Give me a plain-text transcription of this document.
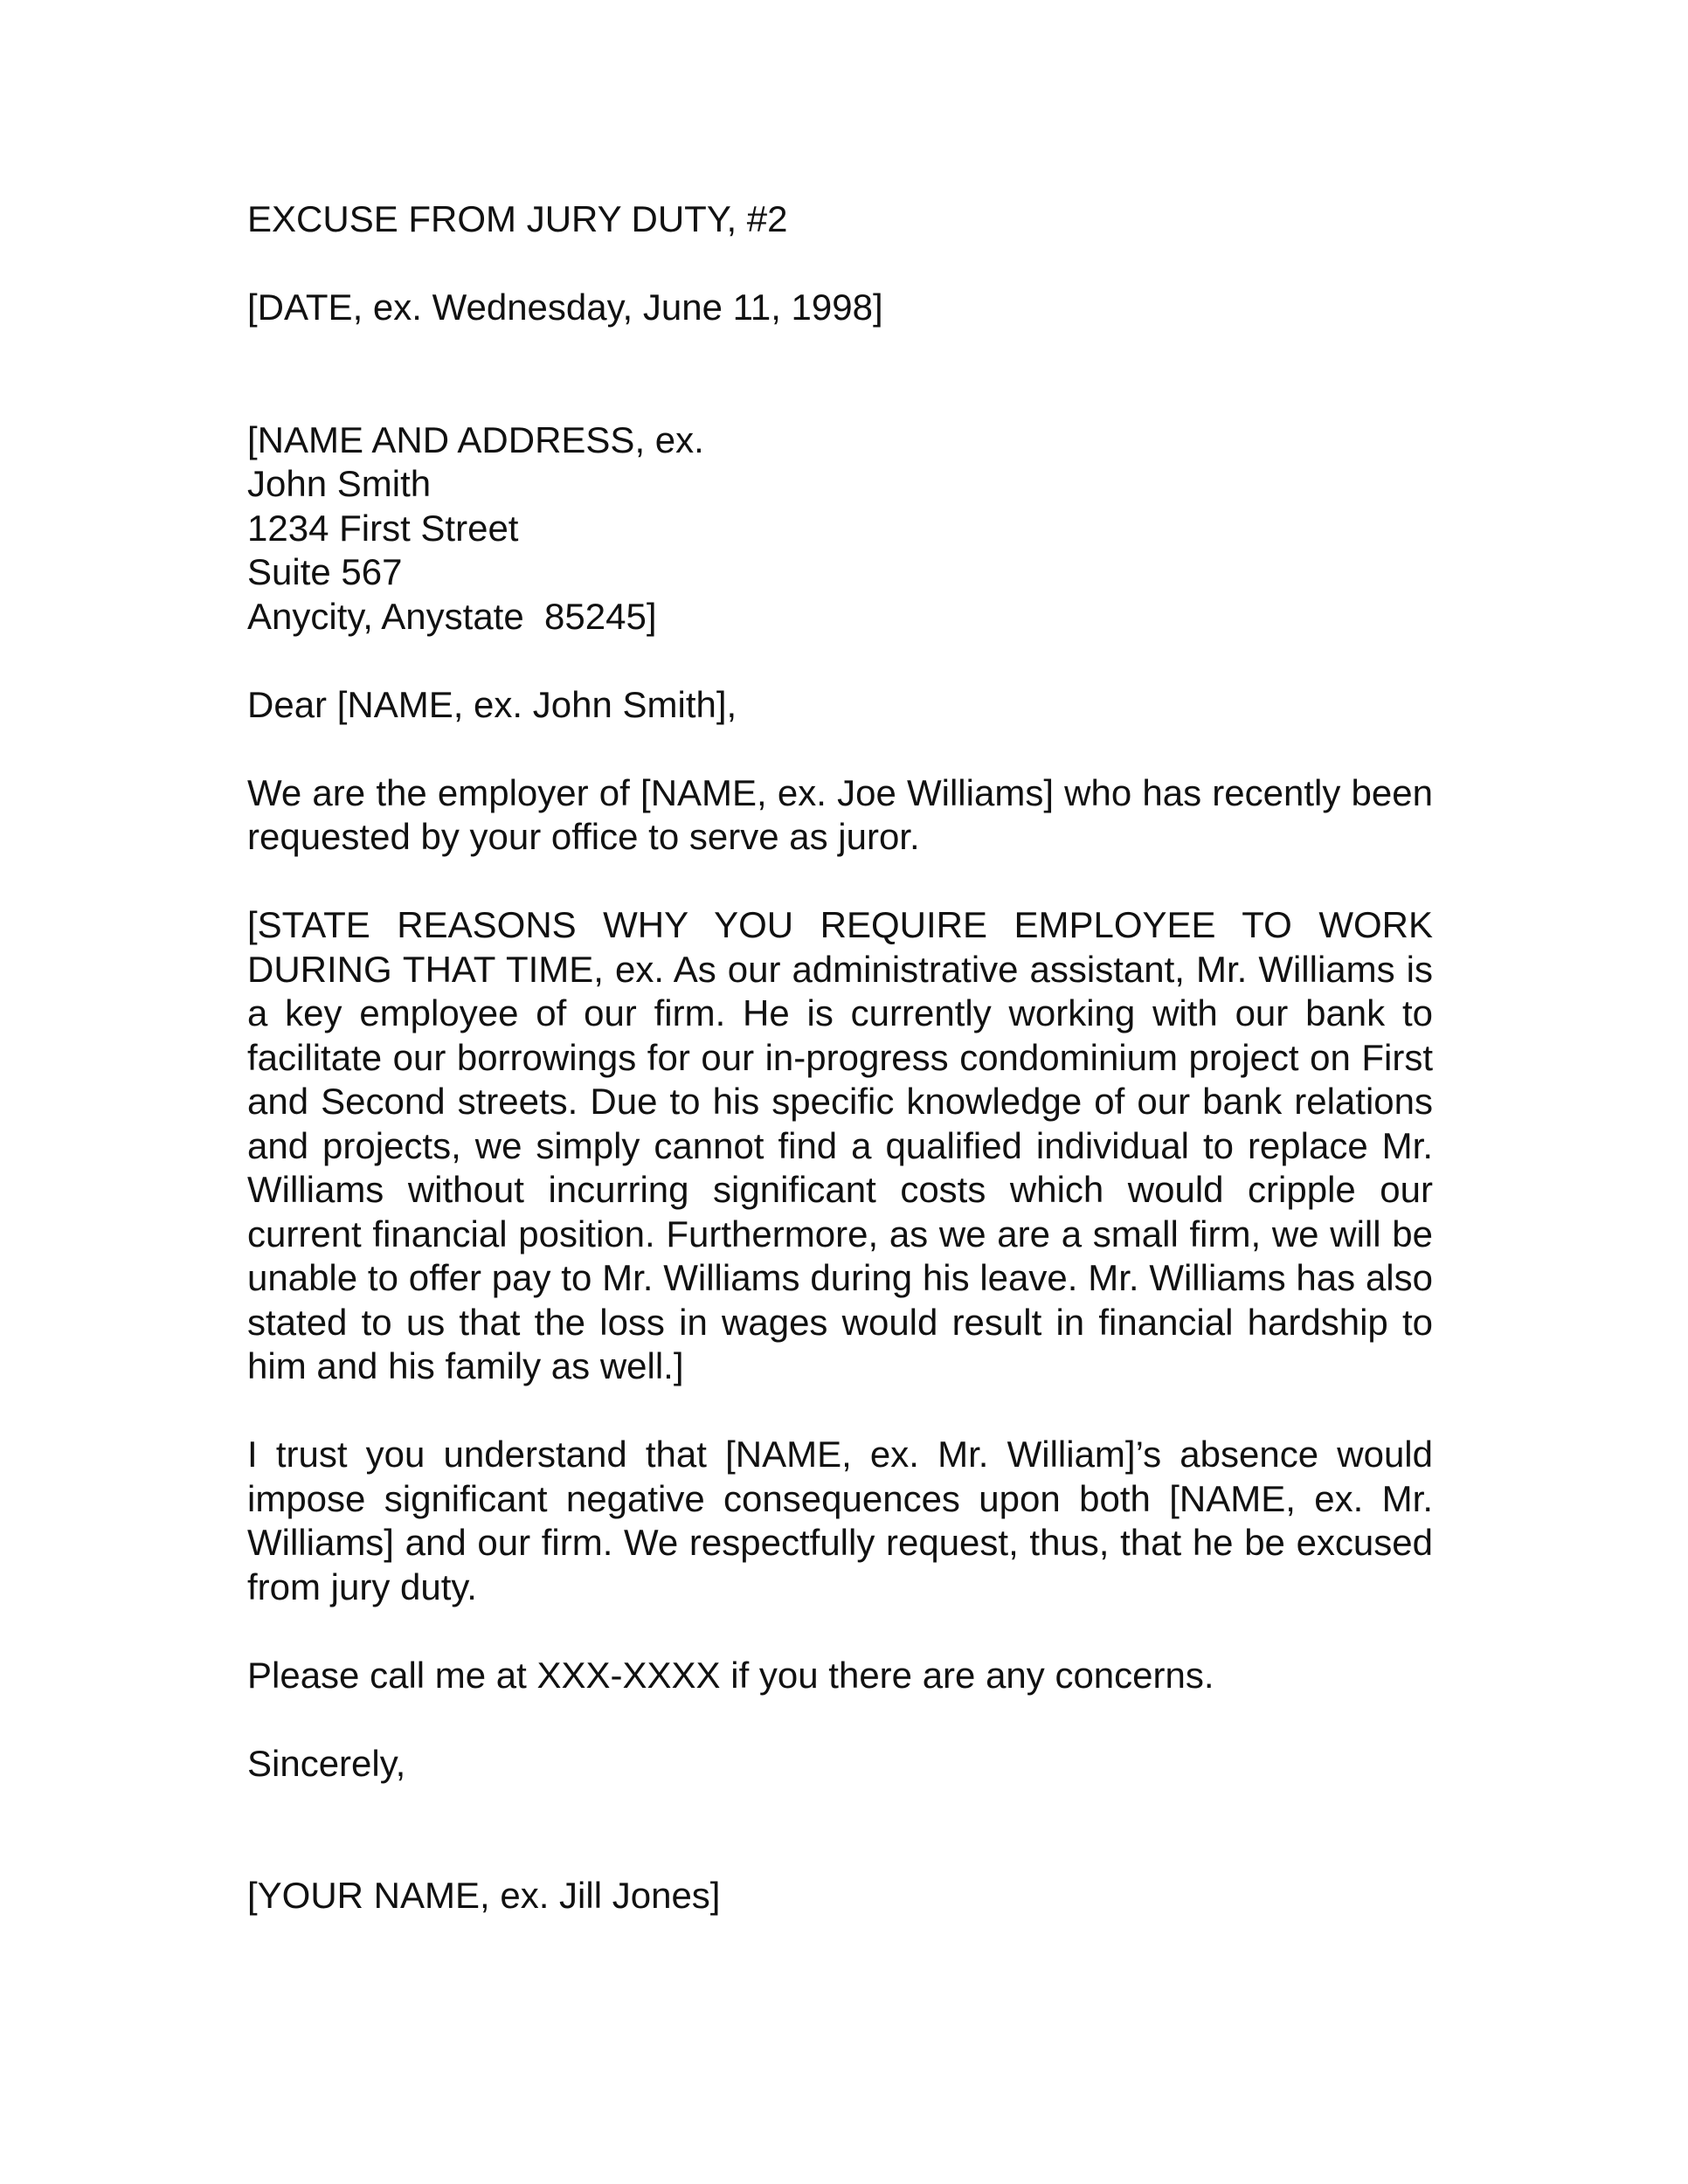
EXCUSE FROM JURY DUTY, #2
[DATE, ex. Wednesday, June 11, 1998]
[NAME AND ADDRESS, ex.
John Smith
1234 First Street
Suite 567
Anycity, Anystate  85245]
Dear [NAME, ex. John Smith],

We are the employer of [NAME, ex. Joe Williams] who has recently been requested by your office to serve as juror.

[STATE REASONS WHY YOU REQUIRE EMPLOYEE TO WORK DURING THAT TIME, ex. As our administrative assistant, Mr. Williams is a key employee of our firm. He is currently working with our bank to facilitate our borrowings for our in-progress condominium project on First and Second streets. Due to his specific knowledge of our bank relations and projects, we simply cannot find a qualified individual to replace Mr. Williams without incurring significant costs which would cripple our current financial position. Furthermore, as we are a small firm, we will be unable to offer pay to Mr. Williams during his leave. Mr. Williams has also stated to us that the loss in wages would result in financial hardship to him and his family as well.]

I trust you understand that [NAME, ex. Mr. William]’s absence would impose significant negative consequences upon both [NAME, ex. Mr. Williams] and our firm. We respectfully request, thus, that he be excused from jury duty.

Please call me at XXX-XXXX if you there are any concerns.
Sincerely,
[YOUR NAME, ex. Jill Jones]
